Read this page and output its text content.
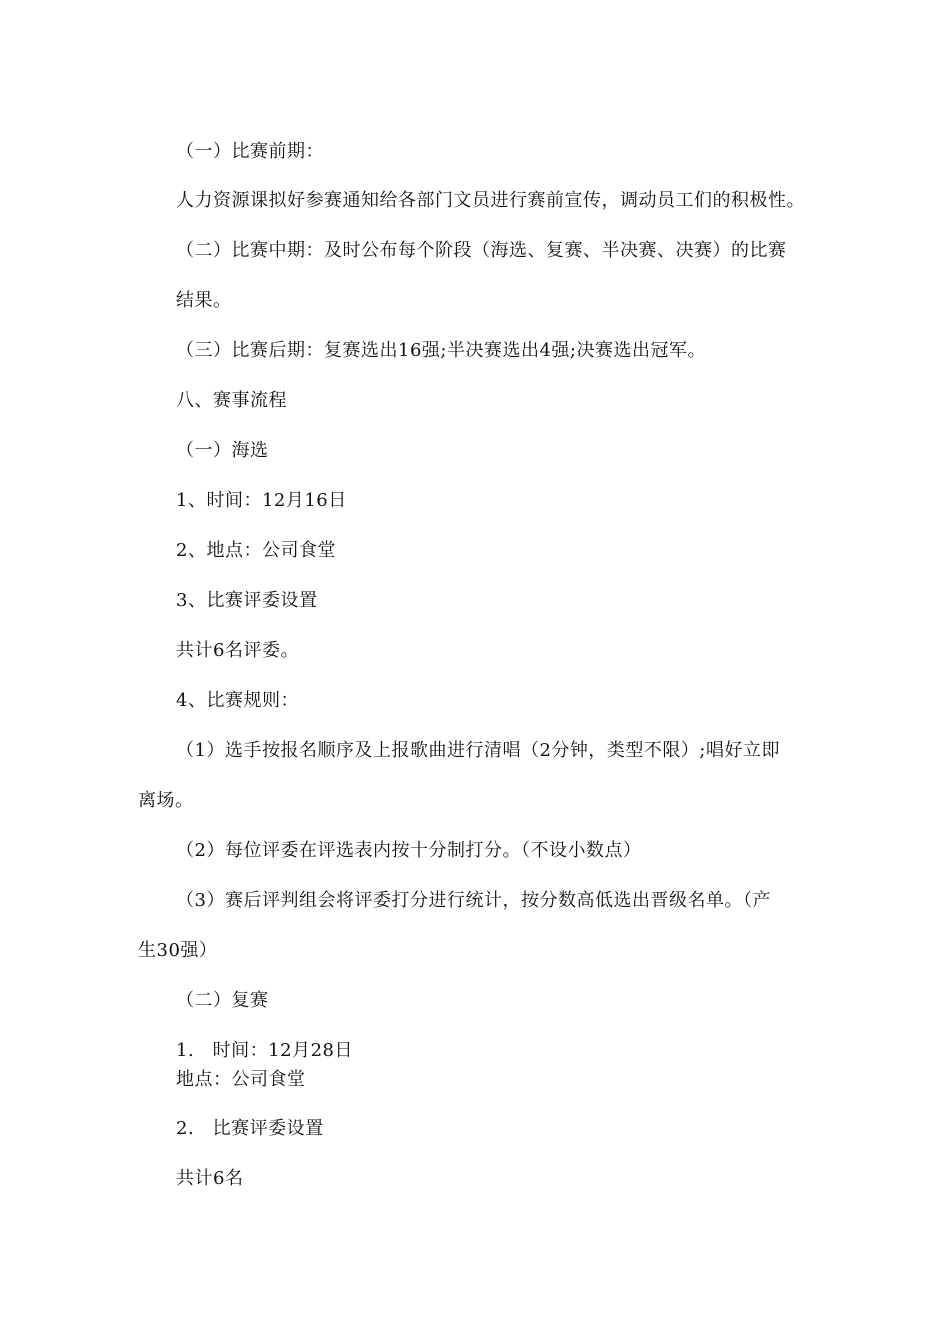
（一）比赛前期：
人力资源课拟好参赛通知给各部门文员进行赛前宣传，调动员工们的积极性。
（二）比赛中期：及时公布每个阶段（海选、复赛、半决赛、决赛）的比赛
结果。
（三）比赛后期：复赛选出16强;半决赛选出4强;决赛选出冠军。
八、赛事流程
（一）海选
1、时间：12月16日
2、地点：公司食堂
3、比赛评委设置
共计6名评委。
4、比赛规则：
（1）选手按报名顺序及上报歌曲进行清唱（2分钟，类型不限）;唱好立即
离场。
（2）每位评委在评选表内按十分制打分。（不设小数点）
（3）赛后评判组会将评委打分进行统计，按分数高低选出晋级名单。（产
生30强）
（二）复赛
1.　时间：12月28日
地点：公司食堂
2.　比赛评委设置
共计6名
